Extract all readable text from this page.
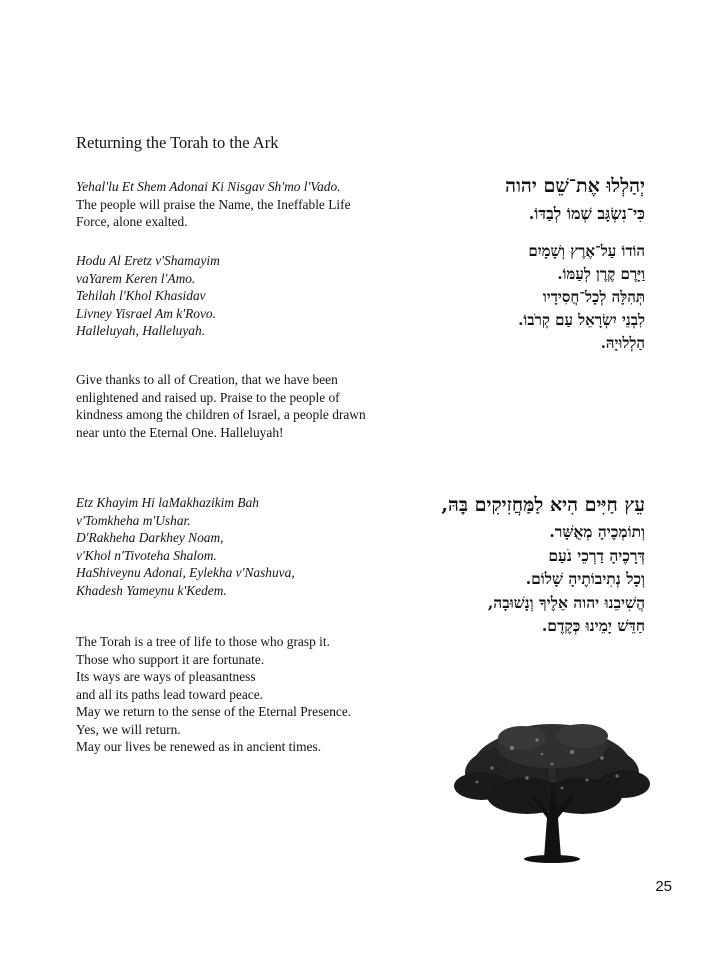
Returning the Torah to the Ark
Yehal'lu Et Shem Adonai Ki Nisgav Sh'mo l'Vado.
The people will praise the Name, the Ineffable Life
Force, alone exalted.
Hodu Al Eretz v'Shamayim
vaYarem Keren l'Amo.
Tehilah l'Khol Khasidav
Livney Yisrael Am k'Rovo.
Halleluyah, Halleluyah.
Give thanks to all of Creation, that we have been
enlightened and raised up. Praise to the people of
kindness among the children of Israel, a people drawn
near unto the Eternal One. Halleluyah!
Etz Khayim Hi laMakhazikim Bah
v'Tomkheha m'Ushar.
D'Rakheha Darkhey Noam,
v'Khol n'Tivoteha Shalom.
HaShiveynu Adonai, Eylekha v'Nashuva,
Khadesh Yameynu k'Kedem.
The Torah is a tree of life to those who grasp it.
Those who support it are fortunate.
Its ways are ways of pleasantness
and all its paths lead toward peace.
May we return to the sense of the Eternal Presence.
Yes, we will return.
May our lives be renewed as in ancient times.
יְהַלְלוּ אֶת־שֵׁם יהוה
כִּי־נִשְׂגָּב שְׁמוֹ לְבַדּוֹ.
הוֹדוֹ עַל־אֶרֶץ וְשָׁמָיִם
וַיָּרֶם קֶרֶן לְעַמּוֹ.
תְּהִלָּה לְכָל־חֲסִידָיו
לִבְנֵי יִשְׂרָאֵל עַם קְרֹבוֹ.
הַלְלוּיָהּ.
עֵץ חַיִּים הִיא לַמַּחֲזִיקִים בָּהּ,
וְתוֹמְכֶיהָ מְאֻשָּׁר.
דְּרָכֶיהָ דַרְכֵי נֹעַם
וְכָל נְתִיבוֹתֶיהָ שָׁלוֹם.
הֲשִׁיבֵנוּ יהוה אֵלֶיךָ וְנָשׁוּבָה,
חַדֵּשׁ יָמֵינוּ כְּקֶדֶם.
25
